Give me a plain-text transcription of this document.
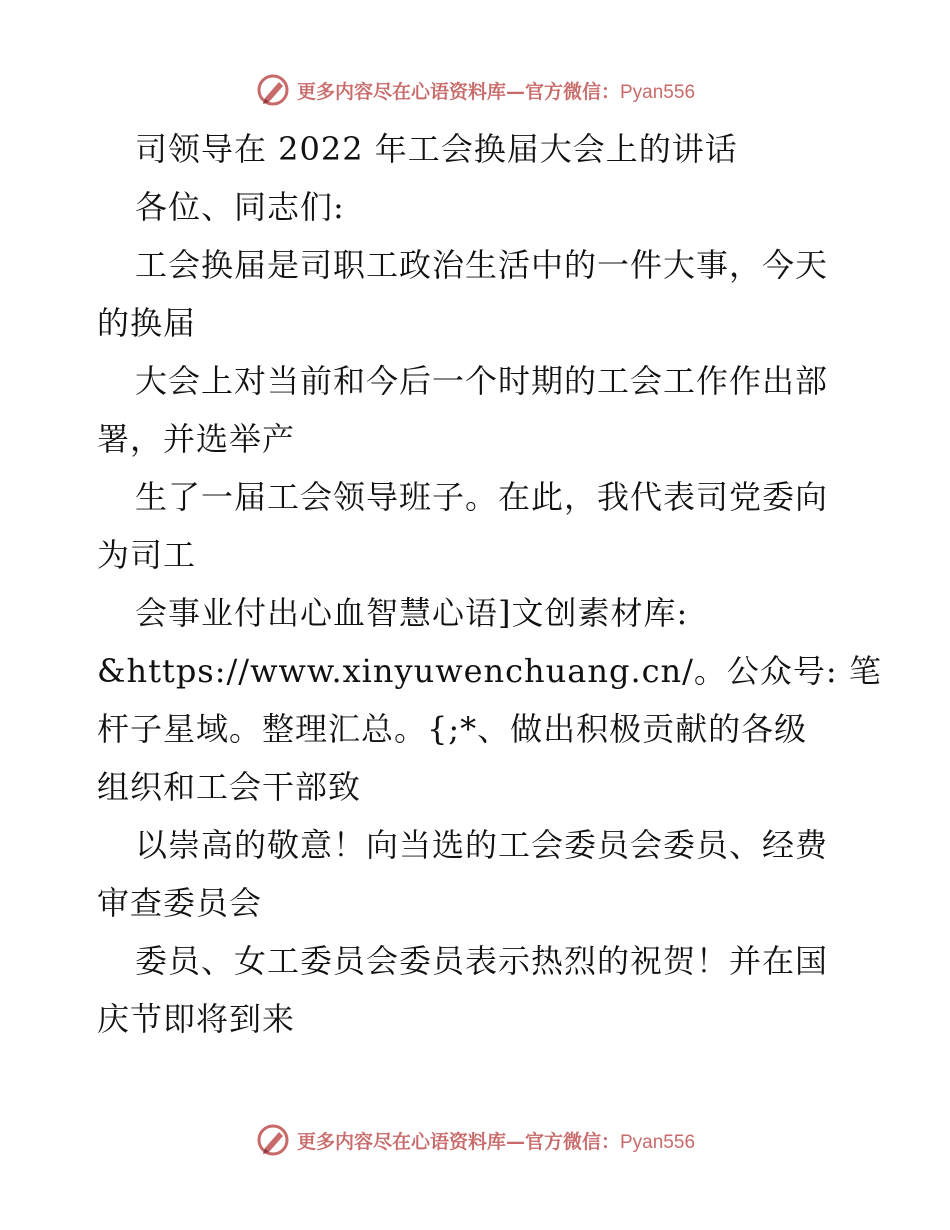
更多内容尽在心语资料库—官方微信：Pyan556
司领导在 2022 年工会换届大会上的讲话
各位、同志们:
工会换届是司职工政治生活中的一件大事，今天
的换届
大会上对当前和今后一个时期的工会工作作出部
署，并选举产
生了一届工会领导班子。在此，我代表司党委向
为司工
会事业付出心血智慧心语]文创素材库:
&https://www.xinyuwenchuang.cn/。公众号: 笔
杆子星域。整理汇总。{;*、做出积极贡献的各级
组织和工会干部致
以崇高的敬意！向当选的工会委员会委员、经费
审查委员会
委员、女工委员会委员表示热烈的祝贺！并在国
庆节即将到来
更多内容尽在心语资料库—官方微信：Pyan556
